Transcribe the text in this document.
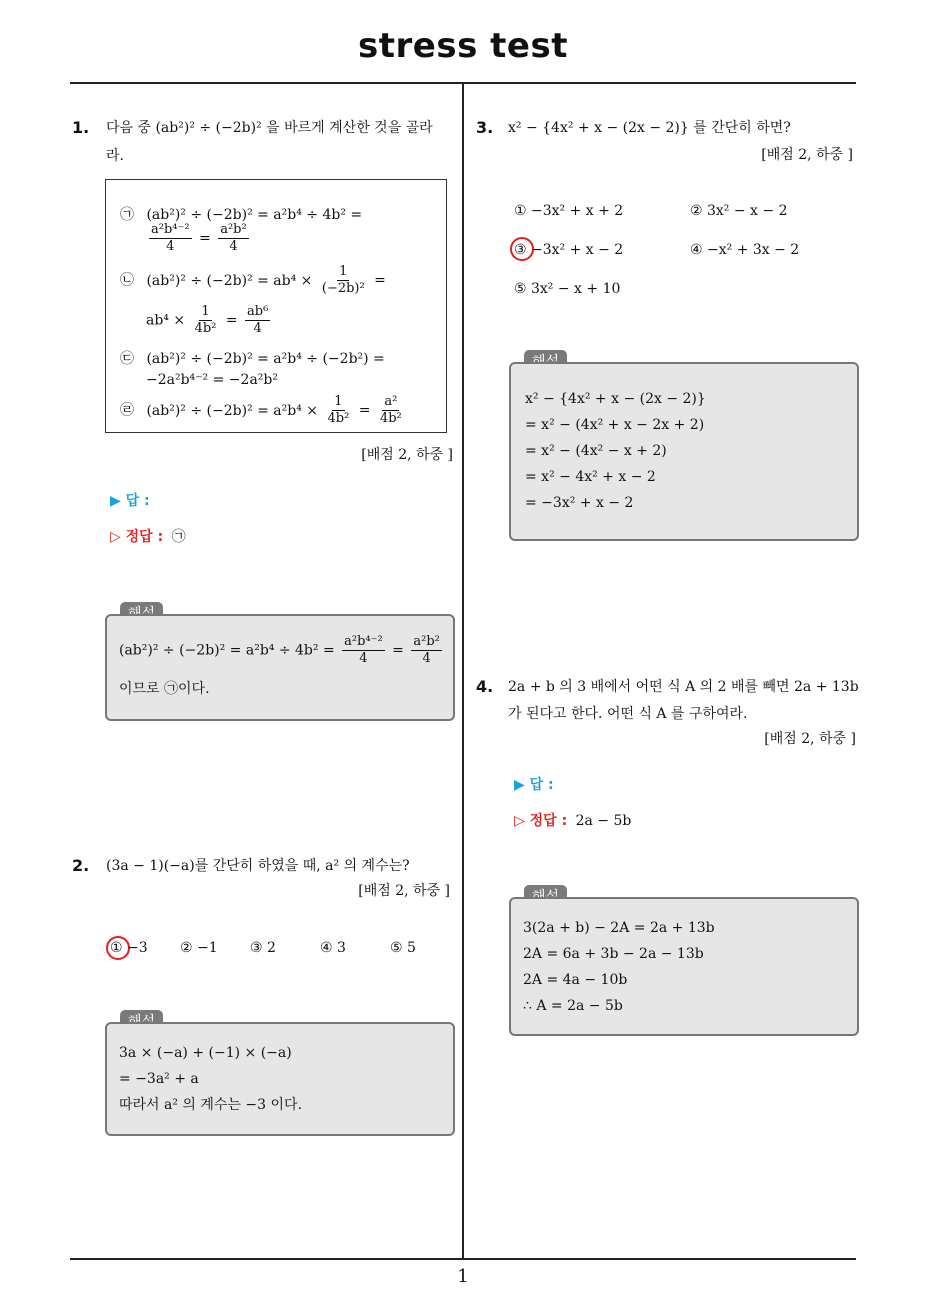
stress test
1
1. 다음 중 (ab²)² ÷ (−2b)² 을 바르게 계산한 것을 골라
라.
㉠ (ab²)² ÷ (−2b)² = a²b⁴ ÷ 4b² =
$\frac{\text{a²b⁴⁻²}}{4} = \frac{\text{a²b²}}{4}$
㉡ $(ab^2)^2 \div (-2b)^2 = ab^4 \times \frac{1}{\text{(−2b)²}}$ =
$ab^4 \times \frac{1}{\text{4b²}} = \frac{\text{ab⁶}}{4}$
㉢ (ab²)² ÷ (−2b)² = a²b⁴ ÷ (−2b²) =
−2a²b⁴⁻² = −2a²b²
㉣ $(ab^2)^2 \div (-2b)^2 = a^2b^4 \times \frac{1}{\text{4b²}} = \frac{\text{a²}}{\text{4b²}}$
[배점 2, 하중 ]
▶ 답 :
▷ 정답 : ㉠
$(ab^2)^2 \div (-2b)^2 = a^2b^4 \div 4b^2 = \frac{\text{a²b⁴⁻²}}{4} = \frac{\text{a²b²}}{4}$
이므로 ㉠이다.
2. (3a − 1)(−a)를 간단히 하였을 때, a² 의 계수는?
[배점 2, 하중 ]
① −3 ② −1 ③ 2	④ 3	⑤ 5
3a × (−a) + (−1) × (−a)
= −3a² + a
따라서 a² 의 계수는 −3 이다.
3. x² − {4x² + x − (2x − 2)} 를 간단히 하면?
[배점 2, 하중 ]
① −3x² + x + 2	② 3x² − x − 2
③ −3x² + x − 2	④ −x² + 3x − 2
⑤ 3x² − x + 10
x² − {4x² + x − (2x − 2)}
= x² − (4x² + x − 2x + 2)
= x² − (4x² − x + 2)
= x² − 4x² + x − 2
= −3x² + x − 2
4. 2a + b 의 3 배에서 어떤 식 A 의 2 배를 빼면 2a + 13b
가 된다고 한다. 어떤 식 A 를 구하여라.
[배점 2, 하중 ]
▶ 답 :
▷ 정답 : 2a − 5b
3(2a + b) − 2A = 2a + 13b
2A = 6a + 3b − 2a − 13b
2A = 4a − 10b
∴ A = 2a − 5b
